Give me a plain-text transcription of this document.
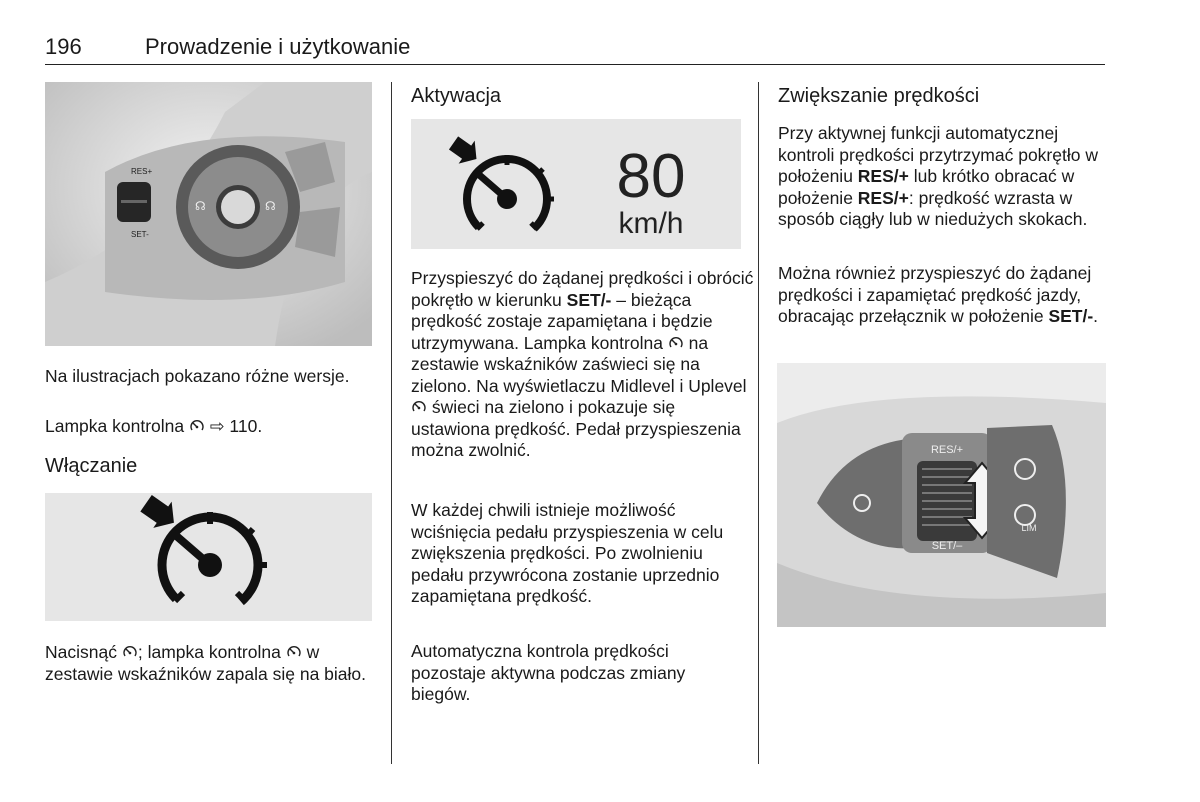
196	Prowadzenie i użytkowanie
RES+
SET-
☊	☊

Na ilustracjach pokazano różne wersje.

Lampka kontrolna ⇨ 110.

Włączanie

Nacisnąć ; lampka kontrolna w zestawie wskaźników zapala się na biało.

Aktywacja
80
km/h

Przyspieszyć do żądanej prędkości i obrócić pokrętło w kierunku SET/- – bieżąca prędkość zostaje zapamiętana i będzie utrzymywana. Lampka kontrolna na zestawie wskaźników zaświeci się na zielono. Na wyświetlaczu Midlevel i Uplevel  świeci na zielono i pokazuje się ustawiona prędkość. Pedał przyspieszenia można zwolnić.

W każdej chwili istnieje możliwość wciśnięcia pedału przyspieszenia w celu zwiększenia prędkości. Po zwolnieniu pedału przywrócona zostanie uprzednio zapamiętana prędkość.

Automatyczna kontrola prędkości pozostaje aktywna podczas zmiany biegów.

Zwiększanie prędkości

Przy aktywnej funkcji automatycznej kontroli prędkości przytrzymać pokrętło w położeniu RES/+ lub krótko obracać w położenie RES/+: prędkość wzrasta w sposób ciągły lub w niedużych skokach.

Można również przyspieszyć do żądanej prędkości i zapamiętać prędkość jazdy, obracając przełącznik w położenie SET/-.

RES/+
SET/–
LIM
